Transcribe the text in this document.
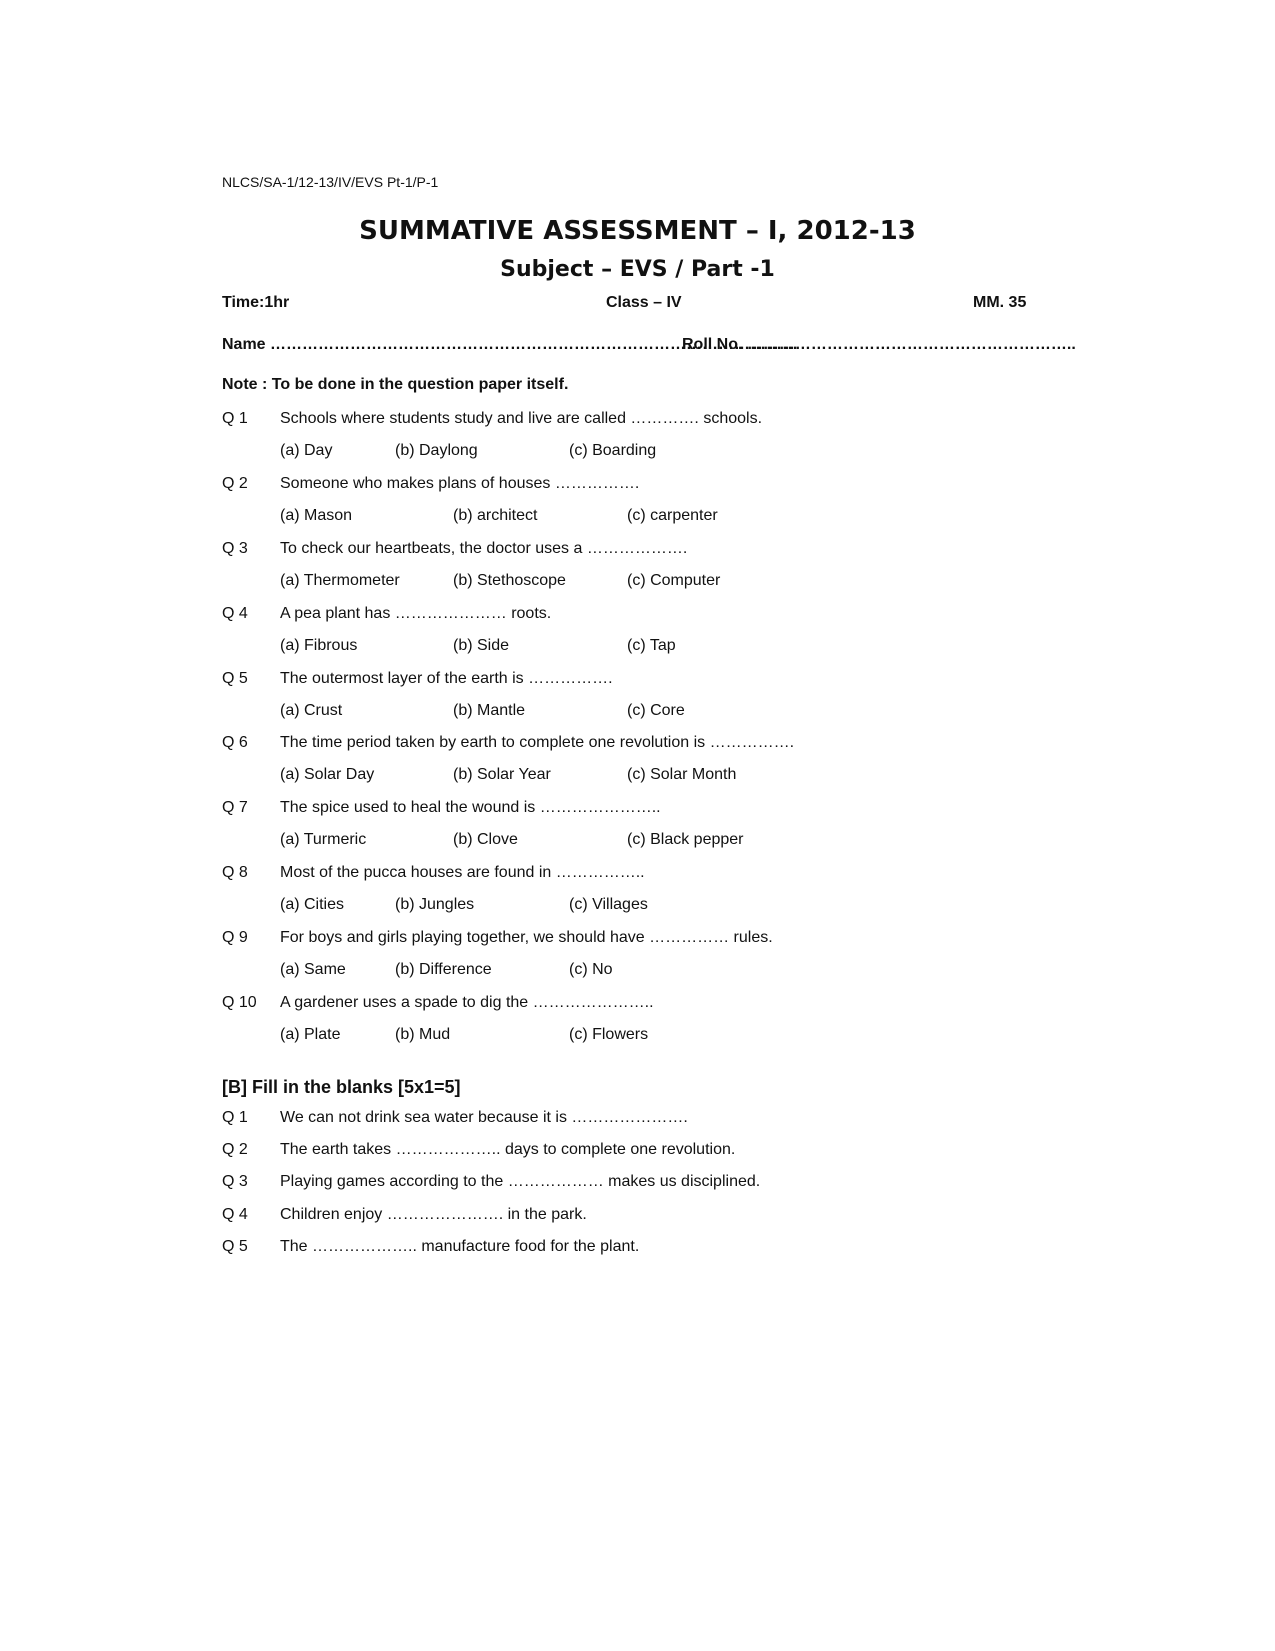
NLCS/SA-1/12-13/IV/EVS Pt-1/P-1
SUMMATIVE ASSESSMENT – I, 2012-13
Subject – EVS / Part -1
Time:1hr	Class – IV	MM. 35
Name ………………………………………………………………………………………
Roll No. ……………………………………………………..
Note : To be done in the question paper itself.
Q 1 Schools where students study and live are called …………. schools.
(a) Day	(b) Daylong	(c) Boarding
Q 2 Someone who makes plans of houses …………….
(a) Mason	(b) architect	(c) carpenter
Q 3 To check our heartbeats, the doctor uses a ……………….
(a) Thermometer	(b) Stethoscope	(c) Computer
Q 4 A pea plant has ………………… roots.
(a) Fibrous	(b) Side	(c) Tap
Q 5 The outermost layer of the earth is …………….
(a) Crust	(b) Mantle	(c) Core
Q 6 The time period taken by earth to complete one revolution is …………….
(a) Solar Day	(b) Solar Year	(c) Solar Month
Q 7 The spice used to heal the wound is …………………..
(a) Turmeric	(b) Clove	(c) Black pepper
Q 8 Most of the pucca houses are found in ……………..
(a) Cities	(b) Jungles	(c) Villages
Q 9 For boys and girls playing together, we should have …………… rules.
(a) Same	(b) Difference	(c) No
Q 10 A gardener uses a spade to dig the …………………..
(a) Plate	(b) Mud	(c) Flowers
[B] Fill in the blanks [5x1=5]
Q 1 We can not drink sea water because it is ………………….
Q 2 The earth takes ……………….. days to complete one revolution.
Q 3 Playing games according to the ……………… makes us disciplined.
Q 4 Children enjoy …………………. in the park.
Q 5 The ……………….. manufacture food for the plant.
